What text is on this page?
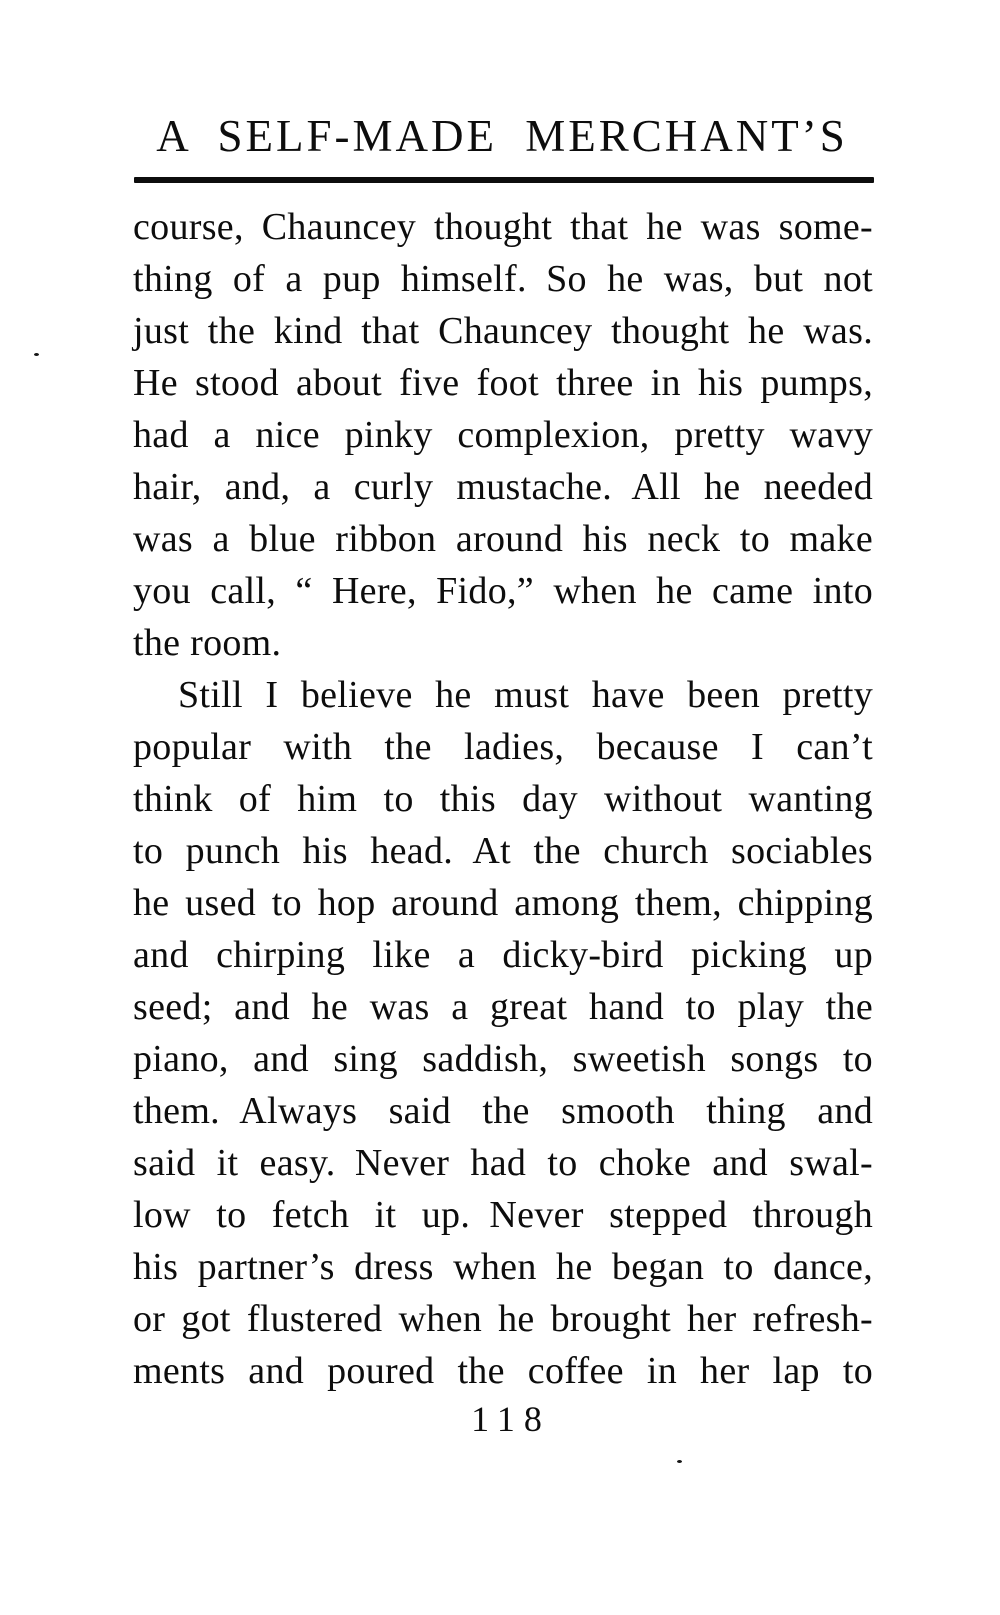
A SELF-MADE MERCHANT’S
course, Chauncey thought that he was some-
thing of a pup himself. So he was, but not
just the kind that Chauncey thought he was.
He stood about five foot three in his pumps,
had a nice pinky complexion, pretty wavy
hair, and, a curly mustache. All he needed
was a blue ribbon around his neck to make
you call, “ Here, Fido,” when he came into
the room.
Still I believe he must have been pretty
popular with the ladies, because I can’t
think of him to this day without wanting
to punch his head. At the church sociables
he used to hop around among them, chipping
and chirping like a dicky-bird picking up
seed; and he was a great hand to play the
piano, and sing saddish, sweetish songs to
them. Always said the smooth thing and
said it easy. Never had to choke and swal-
low to fetch it up. Never stepped through
his partner’s dress when he began to dance,
or got flustered when he brought her refresh-
ments and poured the coffee in her lap to
118
